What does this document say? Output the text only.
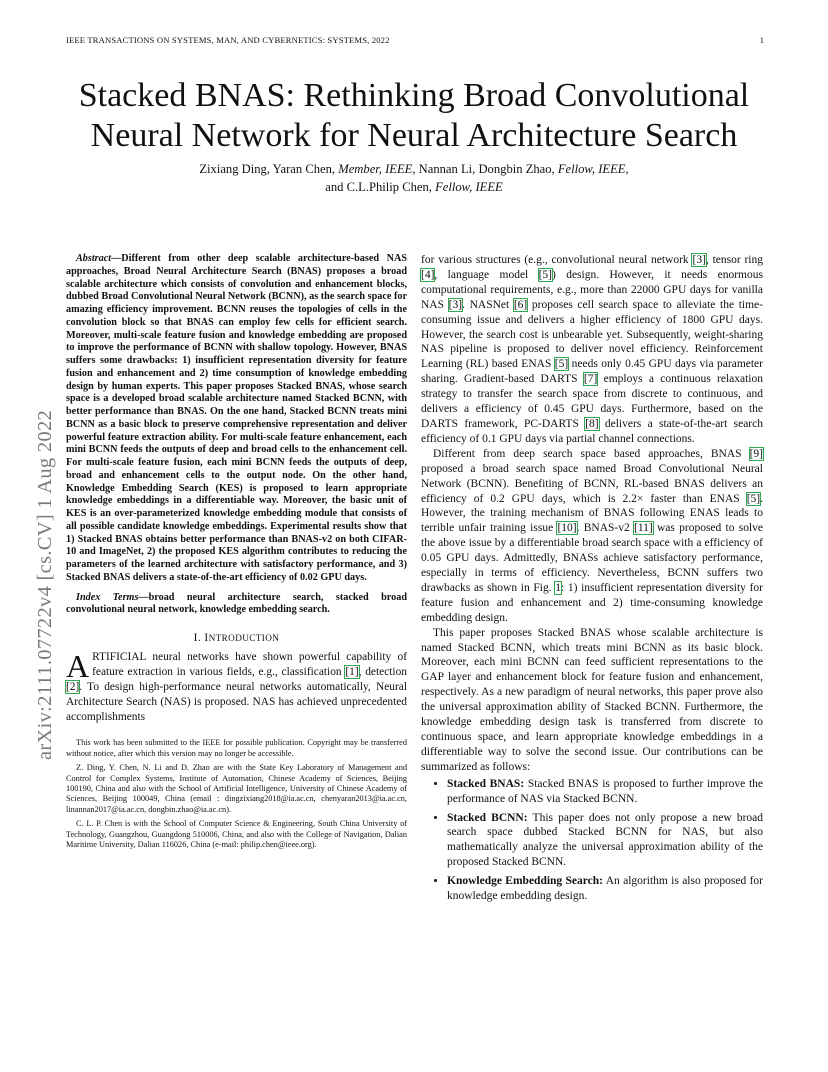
IEEE TRANSACTIONS ON SYSTEMS, MAN, AND CYBERNETICS: SYSTEMS, 2022	1
arXiv:2111.07722v4 [cs.CV] 1 Aug 2022
Stacked BNAS: Rethinking Broad Convolutional Neural Network for Neural Architecture Search
Zixiang Ding, Yaran Chen, Member, IEEE, Nannan Li, Dongbin Zhao, Fellow, IEEE,
and C.L.Philip Chen, Fellow, IEEE

Abstract—Different from other deep scalable architecture-based NAS approaches, Broad Neural Architecture Search (BNAS) proposes a broad scalable architecture which consists of convolution and enhancement blocks, dubbed Broad Convolutional Neural Network (BCNN), as the search space for amazing efficiency improvement. BCNN reuses the topologies of cells in the convolution block so that BNAS can employ few cells for efficient search. Moreover, multi-scale feature fusion and knowledge embedding are proposed to improve the performance of BCNN with shallow topology. However, BNAS suffers some drawbacks: 1) insufficient representation diversity for feature fusion and enhancement and 2) time consumption of knowledge embedding design by human experts. This paper proposes Stacked BNAS, whose search space is a developed broad scalable architecture named Stacked BCNN, with better performance than BNAS. On the one hand, Stacked BCNN treats mini BCNN as a basic block to preserve comprehensive representation and deliver powerful feature extraction ability. For multi-scale feature enhancement, each mini BCNN feeds the outputs of deep and broad cells to the enhancement cell. For multi-scale feature fusion, each mini BCNN feeds the outputs of deep, broad and enhancement cells to the output node. On the other hand, Knowledge Embedding Search (KES) is proposed to learn appropriate knowledge embeddings in a differentiable way. Moreover, the basic unit of KES is an over-parameterized knowledge embedding module that consists of all possible candidate knowledge embeddings. Experimental results show that 1) Stacked BNAS obtains better performance than BNAS-v2 on both CIFAR-10 and ImageNet, 2) the proposed KES algorithm contributes to reducing the parameters of the learned architecture with satisfactory performance, and 3) Stacked BNAS delivers a state-of-the-art efficiency of 0.02 GPU days.

Index Terms—broad neural architecture search, stacked broad convolutional neural network, knowledge embedding search.

I. INTRODUCTION

ARTIFICIAL neural networks have shown powerful capability of feature extraction in various fields, e.g., classification [1], detection [2]. To design high-performance neural networks automatically, Neural Architecture Search (NAS) is proposed. NAS has achieved unprecedented accomplishments

This work has been submitted to the IEEE for possible publication. Copyright may be transferred without notice, after which this version may no longer be accessible.

Z. Ding, Y. Chen, N. Li and D. Zhao are with the State Key Laboratory of Management and Control for Complex Systems, Institute of Automation, Chinese Academy of Sciences, Beijing 100190, China and also with the School of Artificial Intelligence, University of Chinese Academy of Sciences, Beijing 100049, China (email : dingzixiang2018@ia.ac.cn, chenyaran2013@ia.ac.cn, linannan2017@ia.ac.cn, dongbin.zhao@ia.ac.cn).

C. L. P. Chen is with the School of Computer Science & Engineering, South China University of Technology, Guangzhou, Guangdong 510006, China, and also with the College of Navigation, Dalian Maritime University, Dalian 116026, China (e-mail: philip.chen@ieee.org).

for various structures (e.g., convolutional neural network [3], tensor ring [4], language model [5]) design. However, it needs enormous computational requirements, e.g., more than 22000 GPU days for vanilla NAS [3]. NASNet [6] proposes cell search space to alleviate the time-consuming issue and delivers a higher efficiency of 1800 GPU days. However, the search cost is unbearable yet. Subsequently, weight-sharing NAS pipeline is proposed to deliver novel efficiency. Reinforcement Learning (RL) based ENAS [5] needs only 0.45 GPU days via parameter sharing. Gradient-based DARTS [7] employs a continuous relaxation strategy to transfer the search space from discrete to continuous, and delivers a efficiency of 0.45 GPU days. Furthermore, based on the DARTS framework, PC-DARTS [8] delivers a state-of-the-art search efficiency of 0.1 GPU days via partial channel connections.

Different from deep search space based approaches, BNAS [9] proposed a broad search space named Broad Convolutional Neural Network (BCNN). Benefiting of BCNN, RL-based BNAS delivers an efficiency of 0.2 GPU days, which is 2.2× faster than ENAS [5]. However, the training mechanism of BNAS following ENAS leads to terrible unfair training issue [10]. BNAS-v2 [11] was proposed to solve the above issue by a differentiable broad search space with a efficiency of 0.05 GPU days. Admittedly, BNASs achieve satisfactory performance, especially in terms of efficiency. Nevertheless, BCNN suffers two drawbacks as shown in Fig. 1: 1) insufficient representation diversity for feature fusion and enhancement and 2) time-consuming knowledge embedding design.

This paper proposes Stacked BNAS whose scalable architecture is named Stacked BCNN, which treats mini BCNN as its basic block. Moreover, each mini BCNN can feed sufficient representations to the GAP layer and enhancement block for feature fusion and enhancement, respectively. As a new paradigm of neural networks, this paper prove also the universal approximation ability of Stacked BCNN. Furthermore, the knowledge embedding design task is transferred from discrete to continuous space, and learn appropriate knowledge embeddings in a differentiable way to solve the second issue. Our contributions can be summarized as follows:

• Stacked BNAS: Stacked BNAS is proposed to further improve the performance of NAS via Stacked BCNN.
• Stacked BCNN: This paper does not only propose a new broad search space dubbed Stacked BCNN for NAS, but also mathematically analyze the universal approximation ability of the proposed Stacked BCNN.
• Knowledge Embedding Search: An algorithm is also proposed for knowledge embedding design.
